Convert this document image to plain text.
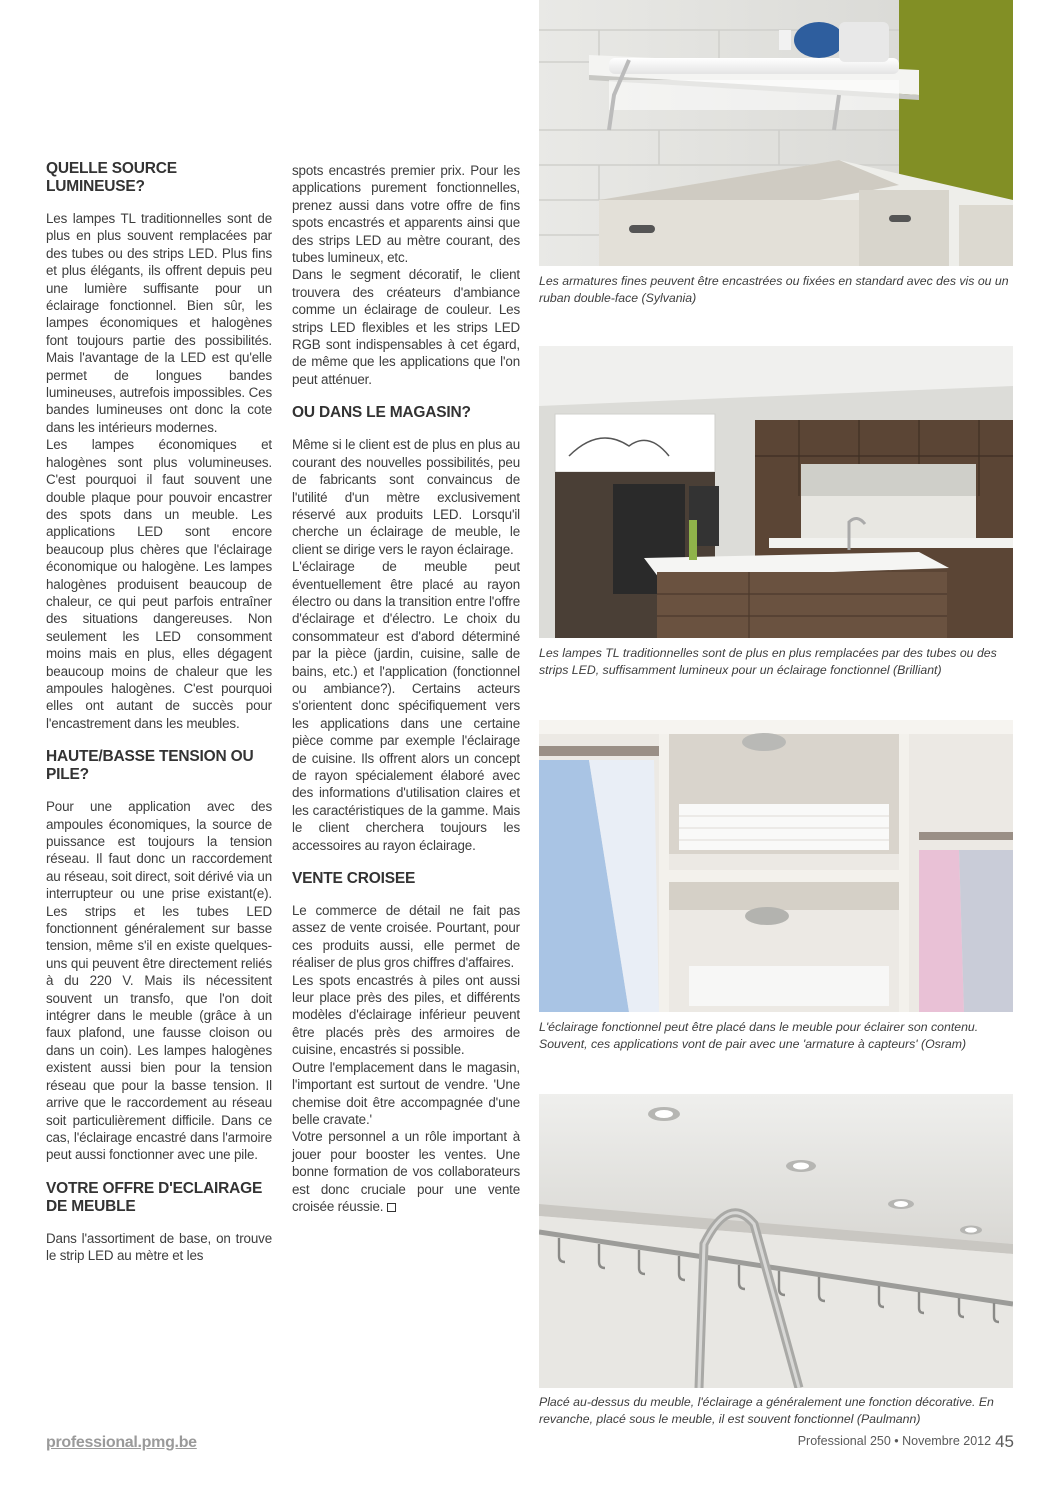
QUELLE SOURCE LUMINEUSE?

Les lampes TL traditionnelles sont de plus en plus souvent remplacées par des tubes ou des strips LED. Plus fins et plus élégants, ils offrent depuis peu une lumière suffisante pour un éclairage fonctionnel. Bien sûr, les lampes économiques et halogènes font toujours partie des possibilités. Mais l'avantage de la LED est qu'elle permet de longues bandes lumineuses, autrefois impossibles. Ces bandes lumineuses ont donc la cote dans les intérieurs modernes.

Les lampes économiques et halogènes sont plus volumineuses. C'est pourquoi il faut souvent une double plaque pour pouvoir encastrer des spots dans un meuble. Les applications LED sont encore beaucoup plus chères que l'éclairage économique ou halogène. Les lampes halogènes produisent beaucoup de chaleur, ce qui peut parfois entraîner des situations dangereuses. Non seulement les LED consomment moins mais en plus, elles dégagent beaucoup moins de chaleur que les ampoules halogènes. C'est pourquoi elles ont autant de succès pour l'encastrement dans les meubles.

HAUTE/BASSE TENSION OU PILE?

Pour une application avec des ampoules économiques, la source de puissance est toujours la tension réseau. Il faut donc un raccordement au réseau, soit direct, soit dérivé via un interrupteur ou une prise existant(e). Les strips et les tubes LED fonctionnent généralement sur basse tension, même s'il en existe quelques-uns qui peuvent être directement reliés à du 220 V. Mais ils nécessitent souvent un transfo, que l'on doit intégrer dans le meuble (grâce à un faux plafond, une fausse cloison ou dans un coin). Les lampes halogènes existent aussi bien pour la tension réseau que pour la basse tension. Il arrive que le raccordement au réseau soit particulièrement difficile. Dans ce cas, l'éclairage encastré dans l'armoire peut aussi fonctionner avec une pile.

VOTRE OFFRE D'ECLAIRAGE DE MEUBLE

Dans l'assortiment de base, on trouve le strip LED au mètre et les

spots encastrés premier prix. Pour les applications purement fonctionnelles, prenez aussi dans votre offre de fins spots encastrés et apparents ainsi que des strips LED au mètre courant, des tubes lumineux, etc.

Dans le segment décoratif, le client trouvera des créateurs d'ambiance comme un éclairage de couleur. Les strips LED flexibles et les strips LED RGB sont indispensables à cet égard, de même que les applications que l'on peut atténuer.

OU DANS LE MAGASIN?

Même si le client est de plus en plus au courant des nouvelles possibilités, peu de fabricants sont convaincus de l'utilité d'un mètre exclusivement réservé aux produits LED. Lorsqu'il cherche un éclairage de meuble, le client se dirige vers le rayon éclairage.

L'éclairage de meuble peut éventuellement être placé au rayon électro ou dans la transition entre l'offre d'éclairage et d'électro. Le choix du consommateur est d'abord déterminé par la pièce (jardin, cuisine, salle de bains, etc.) et l'application (fonctionnel ou ambiance?). Certains acteurs s'orientent donc spécifiquement vers les applications dans une certaine pièce comme par exemple l'éclairage de cuisine. Ils offrent alors un concept de rayon spécialement élaboré avec des informations d'utilisation claires et les caractéristiques de la gamme. Mais le client cherchera toujours les accessoires au rayon éclairage.

VENTE CROISEE

Le commerce de détail ne fait pas assez de vente croisée. Pourtant, pour ces produits aussi, elle permet de réaliser de plus gros chiffres d'affaires.

Les spots encastrés à piles ont aussi leur place près des piles, et différents modèles d'éclairage inférieur peuvent être placés près des armoires de cuisine, encastrés si possible.

Outre l'emplacement dans le magasin, l'important est surtout de vendre. 'Une chemise doit être accompagnée d'une belle cravate.'

Votre personnel a un rôle important à jouer pour booster les ventes. Une bonne formation de vos collaborateurs est donc cruciale pour une vente croisée réussie.

Les armatures fines peuvent être encastrées ou fixées en standard avec des vis ou un ruban double-face (Sylvania)

Les lampes TL traditionnelles sont de plus en plus remplacées par des tubes ou des strips LED, suffisamment lumineux pour un éclairage fonctionnel (Brilliant)

L'éclairage fonctionnel peut être placé dans le meuble pour éclairer son contenu. Souvent, ces applications vont de pair avec une 'armature à capteurs' (Osram)

Placé au-dessus du meuble, l'éclairage a généralement une fonction décorative. En revanche, placé sous le meuble, il est souvent fonctionnel (Paulmann)

professional.pmg.be	Professional 250 • Novembre 2012 45
